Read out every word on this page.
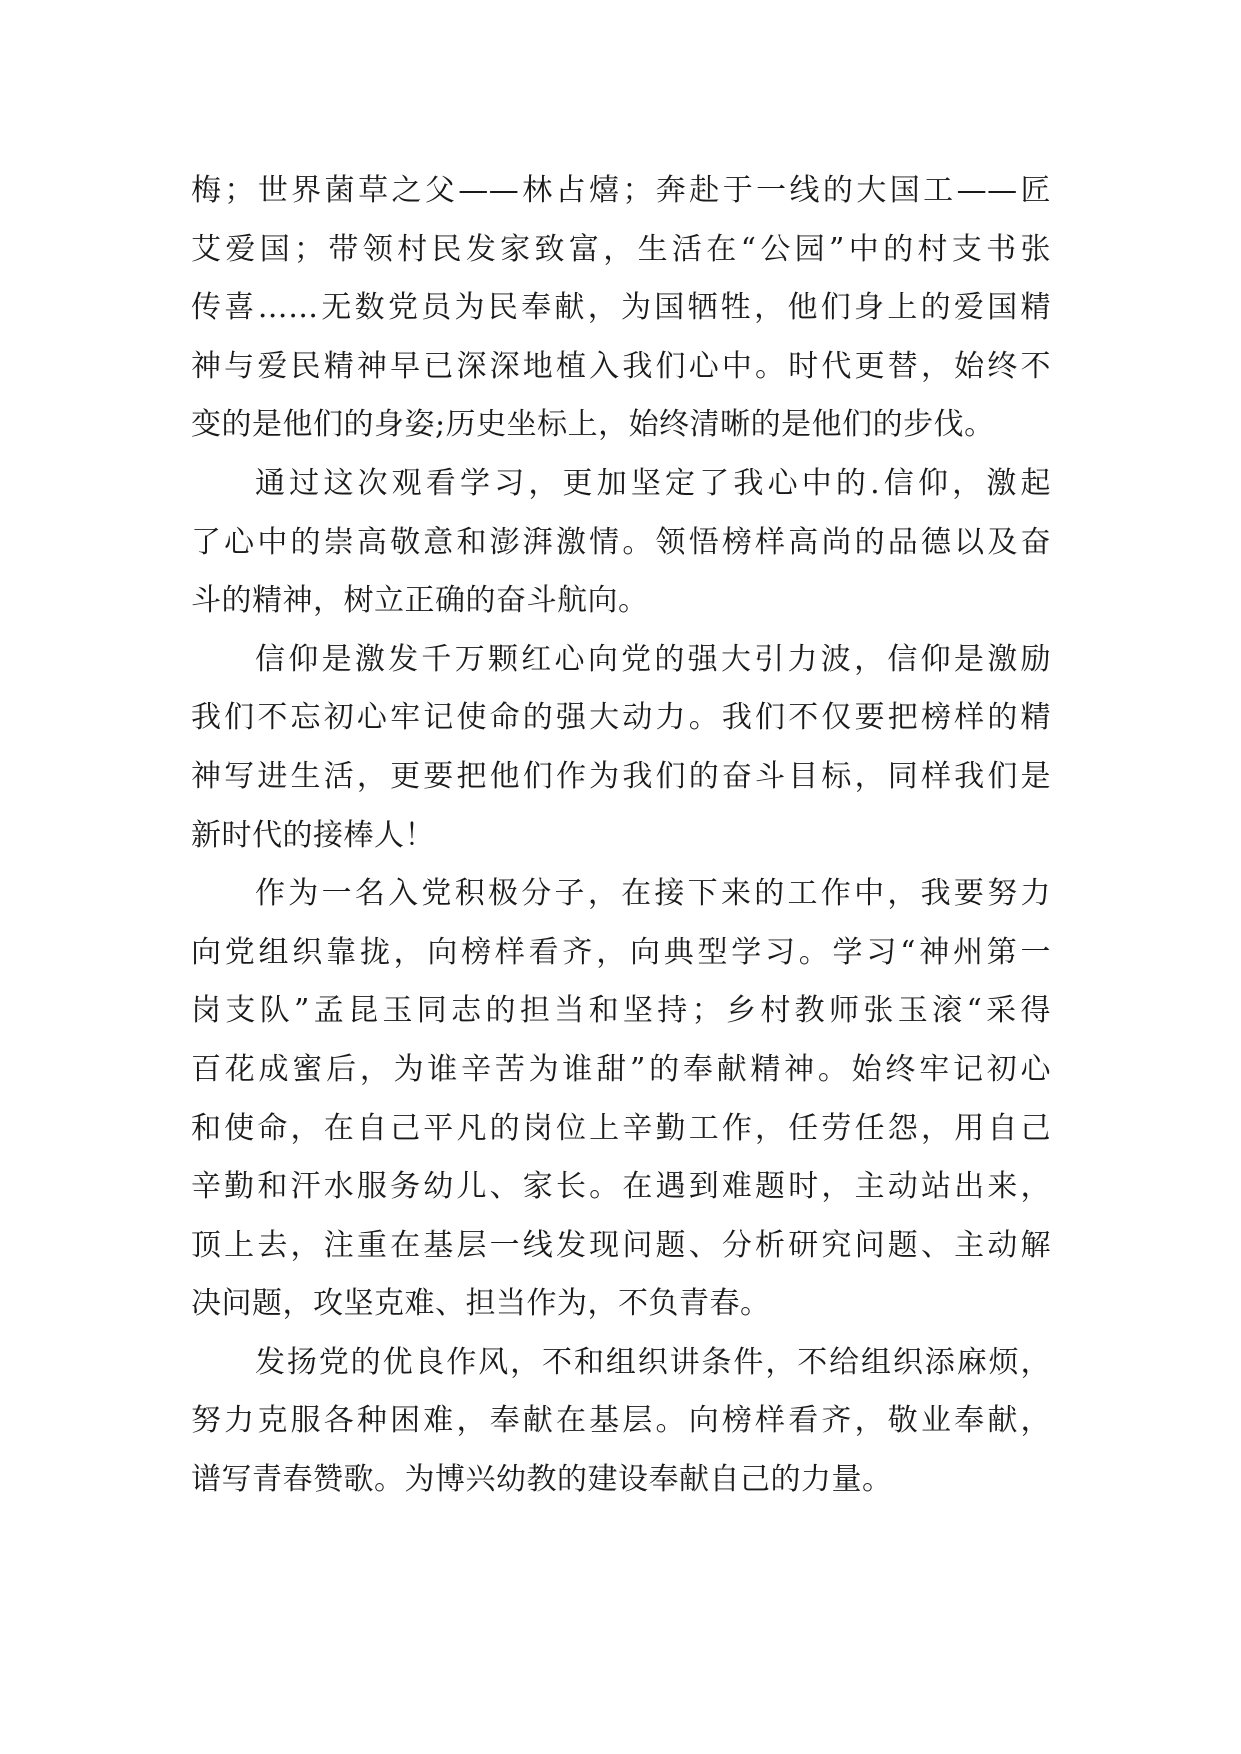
梅；世界菌草之父——林占熺；奔赴于一线的大国工——匠
艾爱国；带领村民发家致富，生活在“公园”中的村支书张
传喜……无数党员为民奉献，为国牺牲，他们身上的爱国精
神与爱民精神早已深深地植入我们心中。时代更替，始终不
变的是他们的身姿;历史坐标上，始终清晰的是他们的步伐。
通过这次观看学习，更加坚定了我心中的.信仰，激起
了心中的崇高敬意和澎湃激情。领悟榜样高尚的品德以及奋
斗的精神，树立正确的奋斗航向。
信仰是激发千万颗红心向党的强大引力波，信仰是激励
我们不忘初心牢记使命的强大动力。我们不仅要把榜样的精
神写进生活，更要把他们作为我们的奋斗目标，同样我们是
新时代的接棒人！
作为一名入党积极分子，在接下来的工作中，我要努力
向党组织靠拢，向榜样看齐，向典型学习。学习“神州第一
岗支队”孟昆玉同志的担当和坚持；乡村教师张玉滚“采得
百花成蜜后，为谁辛苦为谁甜”的奉献精神。始终牢记初心
和使命，在自己平凡的岗位上辛勤工作，任劳任怨，用自己
辛勤和汗水服务幼儿、家长。在遇到难题时，主动站出来，
顶上去，注重在基层一线发现问题、分析研究问题、主动解
决问题，攻坚克难、担当作为，不负青春。
发扬党的优良作风，不和组织讲条件，不给组织添麻烦，
努力克服各种困难，奉献在基层。向榜样看齐，敬业奉献，
谱写青春赞歌。为博兴幼教的建设奉献自己的力量。
